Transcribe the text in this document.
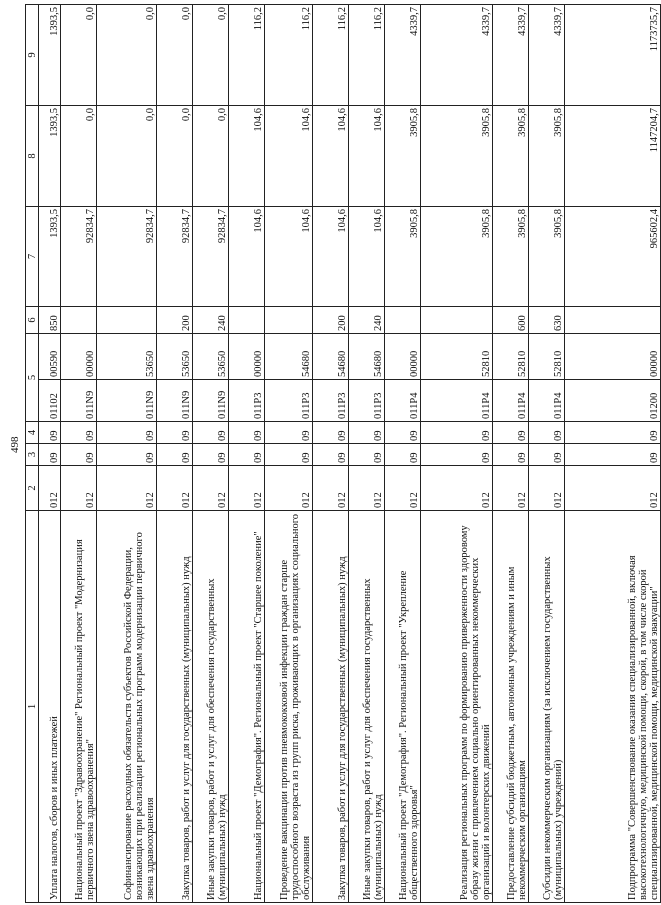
498
1	2	3	4	5		6	7	8	9
Уплата налогов, сборов и иных платежей	012	09	09	01102	00590	850	1393,5	1393,5	1393,5
Национальный проект "Здравоохранение" Региональный проект "Модернизация первичного звена здравоохранения"	012	09	09	011N9	00000		92834,7	0,0	0,0
Софинансирование расходных обязательств субъектов Российской Федерации, возникающих при реализации региональных программ модернизации первичного звена здравоохранения	012	09	09	011N9	53650		92834,7	0,0	0,0
Закупка товаров, работ и услуг для государственных (муниципальных) нужд	012	09	09	011N9	53650	200	92834,7	0,0	0,0
Иные закупки товаров, работ и услуг для обеспечения государственных (муниципальных) нужд	012	09	09	011N9	53650	240	92834,7	0,0	0,0
Национальный проект "Демография". Региональный проект "Старшее поколение"	012	09	09	011P3	00000		104,6	104,6	116,2
Проведение вакцинации против пневмококковой инфекции граждан старше трудоспособного возраста из групп риска, проживающих в организациях социального обслуживания	012	09	09	011P3	54680		104,6	104,6	116,2
Закупка товаров, работ и услуг для государственных (муниципальных) нужд	012	09	09	011P3	54680	200	104,6	104,6	116,2
Иные закупки товаров, работ и услуг для обеспечения государственных (муниципальных) нужд	012	09	09	011P3	54680	240	104,6	104,6	116,2
Национальный проект "Демография". Региональный проект "Укрепление общественного здоровья"	012	09	09	011P4	00000		3905,8	3905,8	4339,7
Реализация региональных программ по формированию приверженности здоровому образу жизни с привлечением социально ориентированных некоммерческих организаций и волонтерских движений	012	09	09	011P4	52810		3905,8	3905,8	4339,7
Предоставление субсидий бюджетным, автономным учреждениям и иным некоммерческим организациям	012	09	09	011P4	52810	600	3905,8	3905,8	4339,7
Субсидии некоммерческим организациям (за исключением государственных (муниципальных) учреждений)	012	09	09	011P4	52810	630	3905,8	3905,8	4339,7
Подпрограмма "Совершенствование оказания специализированной, включая высокотехнологичную, медицинской помощи, скорой, в том числе скорой специализированной, медицинской помощи, медицинской эвакуации"	012	09	09	01200	00000		965602,4	1147204,7	1173735,7
